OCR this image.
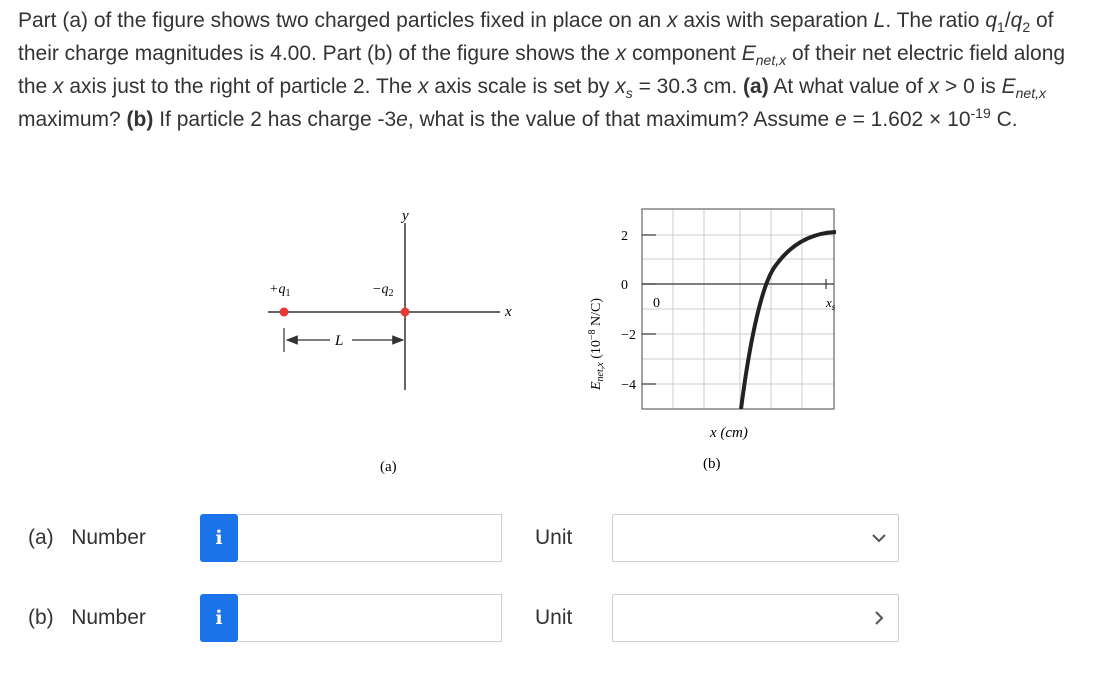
Part (a) of the figure shows two charged particles fixed in place on an x axis with separation L. The ratio $q_1/q_2$ of their charge magnitudes is 4.00. Part (b) of the figure shows the x component $E_{net,x}$ of their net electric field along the x axis just to the right of particle 2. The x axis scale is set by $x_s = 30.3$ cm. (a) At what value of x > 0 is $E_{net,x}$ maximum? (b) If particle 2 has charge -3e, what is the value of that maximum? Assume $e = 1.602 \times 10^{-19}$ C.
y
x
$+q_1$	$-q_2$
L
(a)
2
0
−2
−4
0	$x_s$
$E_{net,x}$ ($10^{-8}$ N/C)
x (cm)
(b)
(a) Number	i	Unit
(b) Number	i	Unit
